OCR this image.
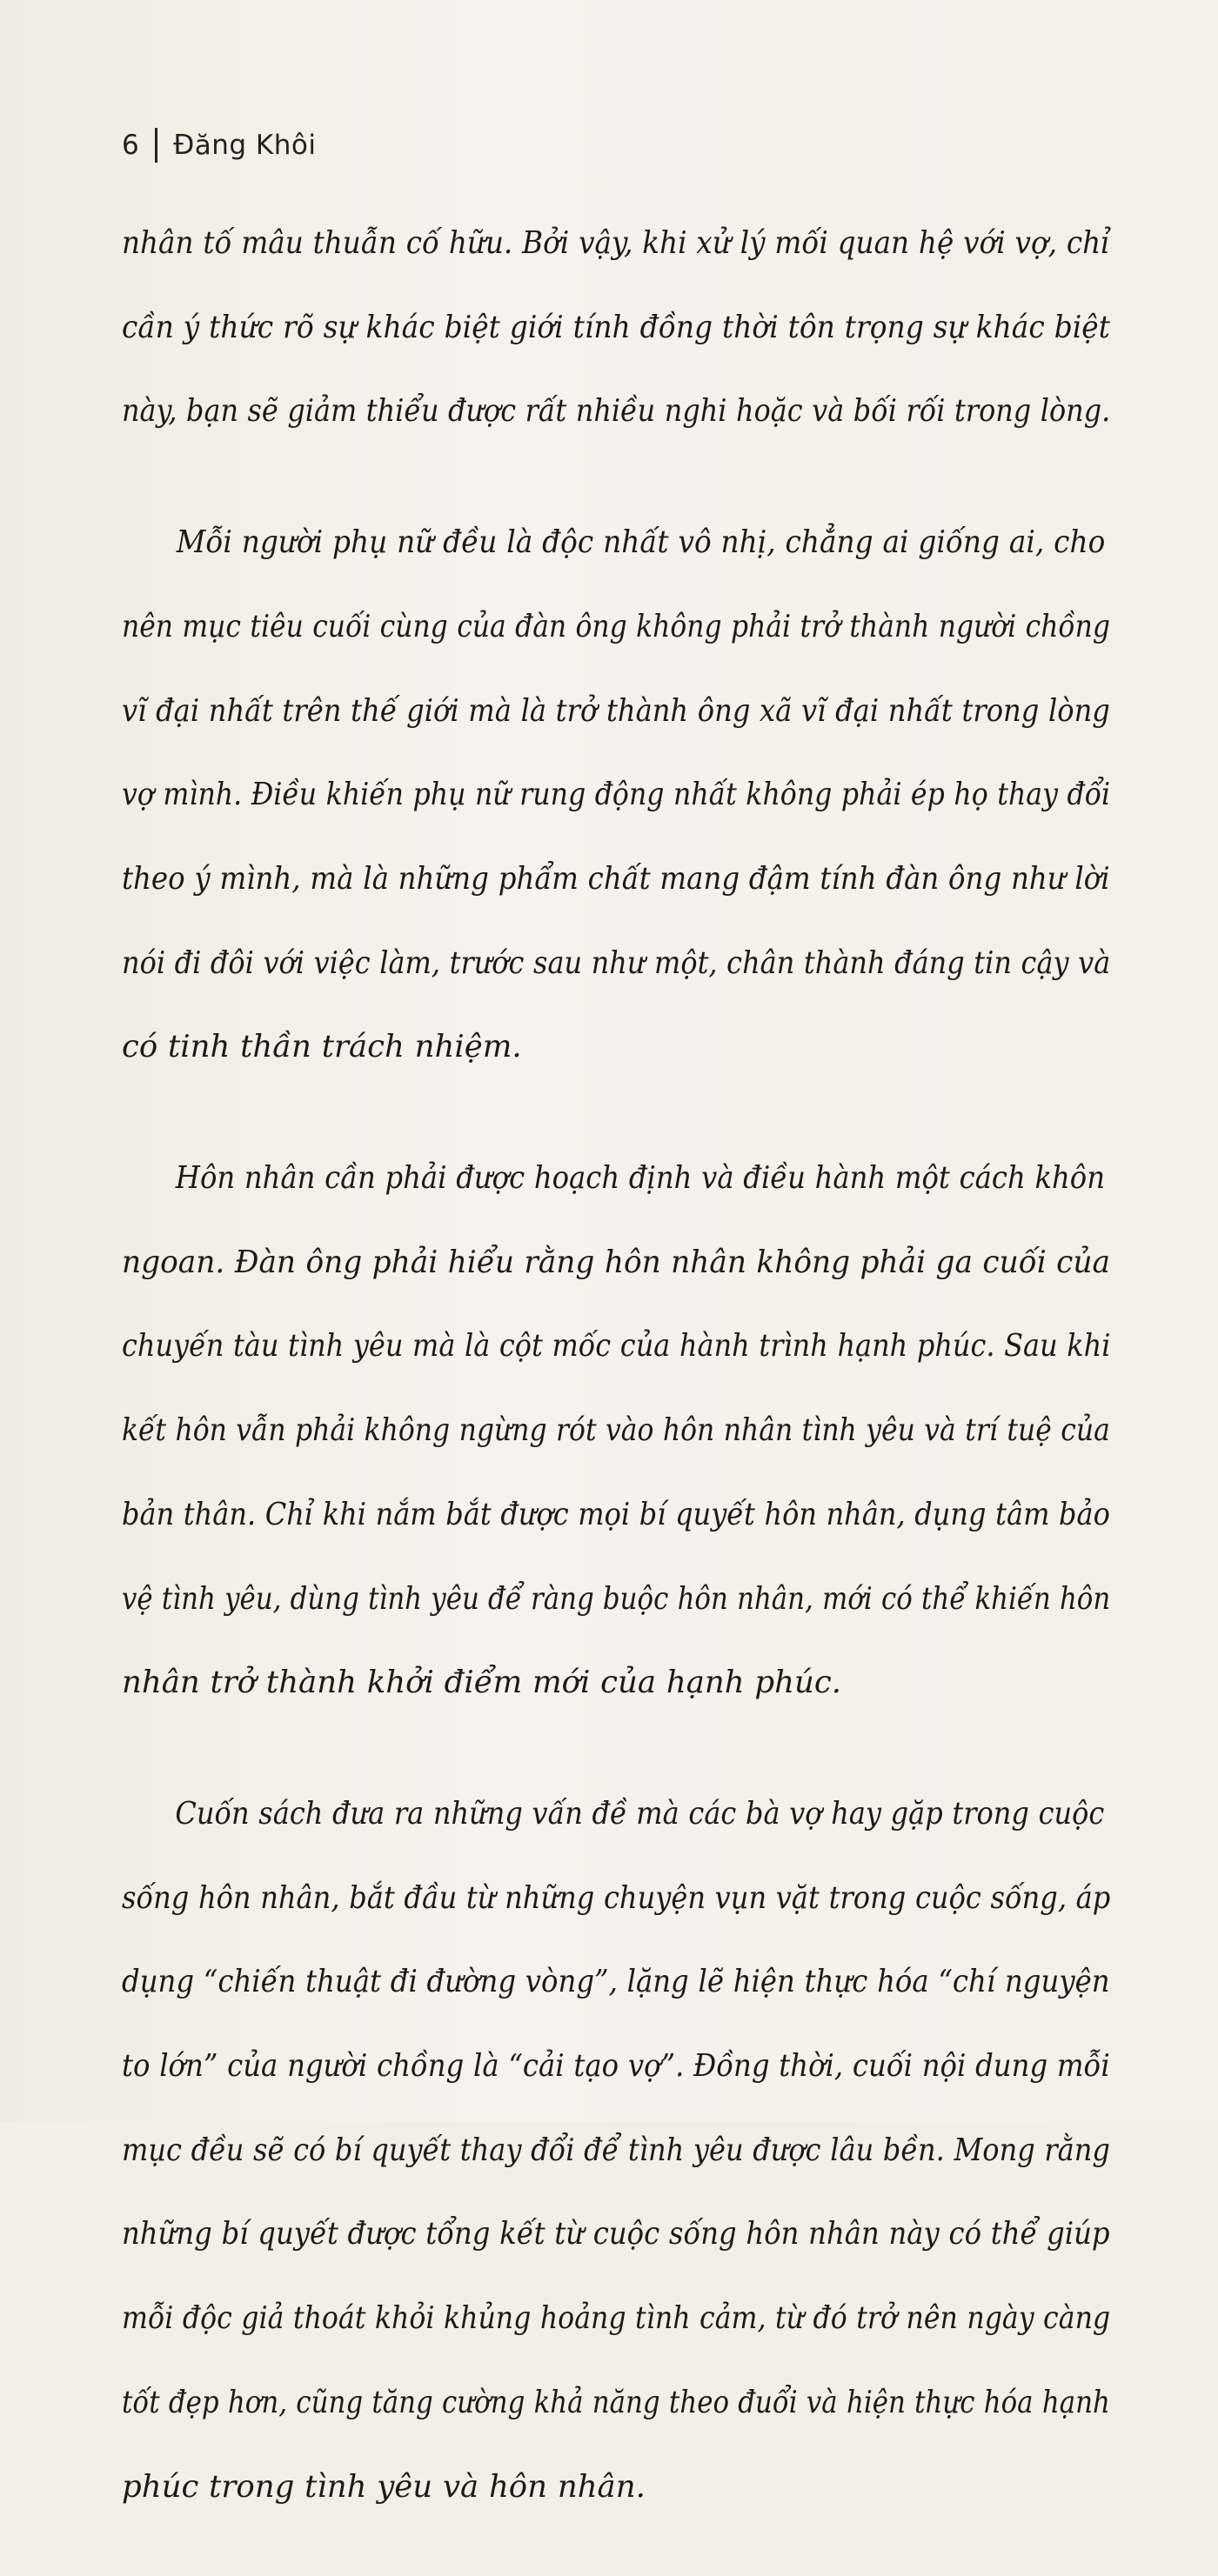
6 Đăng Khôi

nhân tố mâu thuẫn cố hữu. Bởi vậy, khi xử lý mối quan hệ với vợ, chỉ
cần ý thức rõ sự khác biệt giới tính đồng thời tôn trọng sự khác biệt
này, bạn sẽ giảm thiểu được rất nhiều nghi hoặc và bối rối trong lòng.

Mỗi người phụ nữ đều là độc nhất vô nhị, chẳng ai giống ai, cho
nên mục tiêu cuối cùng của đàn ông không phải trở thành người chồng
vĩ đại nhất trên thế giới mà là trở thành ông xã vĩ đại nhất trong lòng
vợ mình. Điều khiến phụ nữ rung động nhất không phải ép họ thay đổi
theo ý mình, mà là những phẩm chất mang đậm tính đàn ông như lời
nói đi đôi với việc làm, trước sau như một, chân thành đáng tin cậy và
có tinh thần trách nhiệm.

Hôn nhân cần phải được hoạch định và điều hành một cách khôn
ngoan. Đàn ông phải hiểu rằng hôn nhân không phải ga cuối của
chuyến tàu tình yêu mà là cột mốc của hành trình hạnh phúc. Sau khi
kết hôn vẫn phải không ngừng rót vào hôn nhân tình yêu và trí tuệ của
bản thân. Chỉ khi nắm bắt được mọi bí quyết hôn nhân, dụng tâm bảo
vệ tình yêu, dùng tình yêu để ràng buộc hôn nhân, mới có thể khiến hôn
nhân trở thành khởi điểm mới của hạnh phúc.

Cuốn sách đưa ra những vấn đề mà các bà vợ hay gặp trong cuộc
sống hôn nhân, bắt đầu từ những chuyện vụn vặt trong cuộc sống, áp
dụng “chiến thuật đi đường vòng”, lặng lẽ hiện thực hóa “chí nguyện
to lớn” của người chồng là “cải tạo vợ”. Đồng thời, cuối nội dung mỗi
mục đều sẽ có bí quyết thay đổi để tình yêu được lâu bền. Mong rằng
những bí quyết được tổng kết từ cuộc sống hôn nhân này có thể giúp
mỗi độc giả thoát khỏi khủng hoảng tình cảm, từ đó trở nên ngày càng
tốt đẹp hơn, cũng tăng cường khả năng theo đuổi và hiện thực hóa hạnh
phúc trong tình yêu và hôn nhân.
